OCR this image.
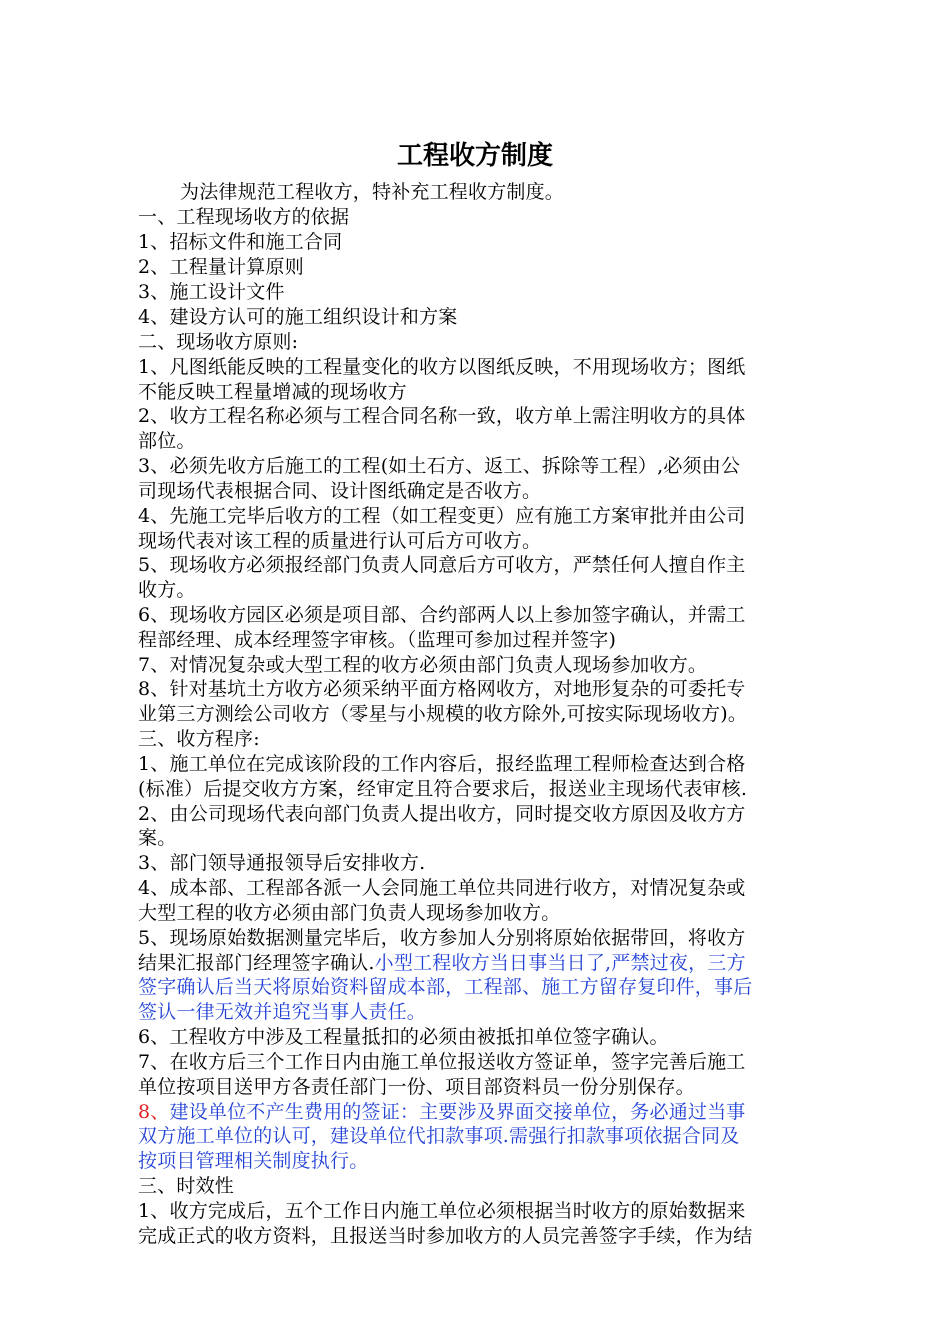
工程收方制度
为法律规范工程收方，特补充工程收方制度。
一、工程现场收方的依据
1、招标文件和施工合同
2、工程量计算原则
3、施工设计文件
4、建设方认可的施工组织设计和方案
二、现场收方原则:
1、凡图纸能反映的工程量变化的收方以图纸反映，不用现场收方；图纸
不能反映工程量增减的现场收方
2、收方工程名称必须与工程合同名称一致，收方单上需注明收方的具体
部位。
3、必须先收方后施工的工程(如土石方、返工、拆除等工程）,必须由公
司现场代表根据合同、设计图纸确定是否收方。
4、先施工完毕后收方的工程（如工程变更）应有施工方案审批并由公司
现场代表对该工程的质量进行认可后方可收方。
5、现场收方必须报经部门负责人同意后方可收方，严禁任何人擅自作主
收方。
6、现场收方园区必须是项目部、合约部两人以上参加签字确认，并需工
程部经理、成本经理签字审核。（监理可参加过程并签字)
7、对情况复杂或大型工程的收方必须由部门负责人现场参加收方。
8、针对基坑土方收方必须采纳平面方格网收方，对地形复杂的可委托专
业第三方测绘公司收方（零星与小规模的收方除外,可按实际现场收方)。
三、收方程序:
1、施工单位在完成该阶段的工作内容后，报经监理工程师检查达到合格
(标准）后提交收方方案，经审定且符合要求后，报送业主现场代表审核.
2、由公司现场代表向部门负责人提出收方，同时提交收方原因及收方方
案。
3、部门领导通报领导后安排收方.
4、成本部、工程部各派一人会同施工单位共同进行收方，对情况复杂或
大型工程的收方必须由部门负责人现场参加收方。
5、现场原始数据测量完毕后，收方参加人分别将原始依据带回，将收方
结果汇报部门经理签字确认.小型工程收方当日事当日了,严禁过夜，三方
签字确认后当天将原始资料留成本部，工程部、施工方留存复印件，事后
签认一律无效并追究当事人责任。
6、工程收方中涉及工程量抵扣的必须由被抵扣单位签字确认。
7、在收方后三个工作日内由施工单位报送收方签证单，签字完善后施工
单位按项目送甲方各责任部门一份、项目部资料员一份分别保存。
8、建设单位不产生费用的签证：主要涉及界面交接单位，务必通过当事
双方施工单位的认可，建设单位代扣款事项.需强行扣款事项依据合同及
按项目管理相关制度执行。
三、时效性
1、收方完成后，五个工作日内施工单位必须根据当时收方的原始数据来
完成正式的收方资料，且报送当时参加收方的人员完善签字手续，作为结
